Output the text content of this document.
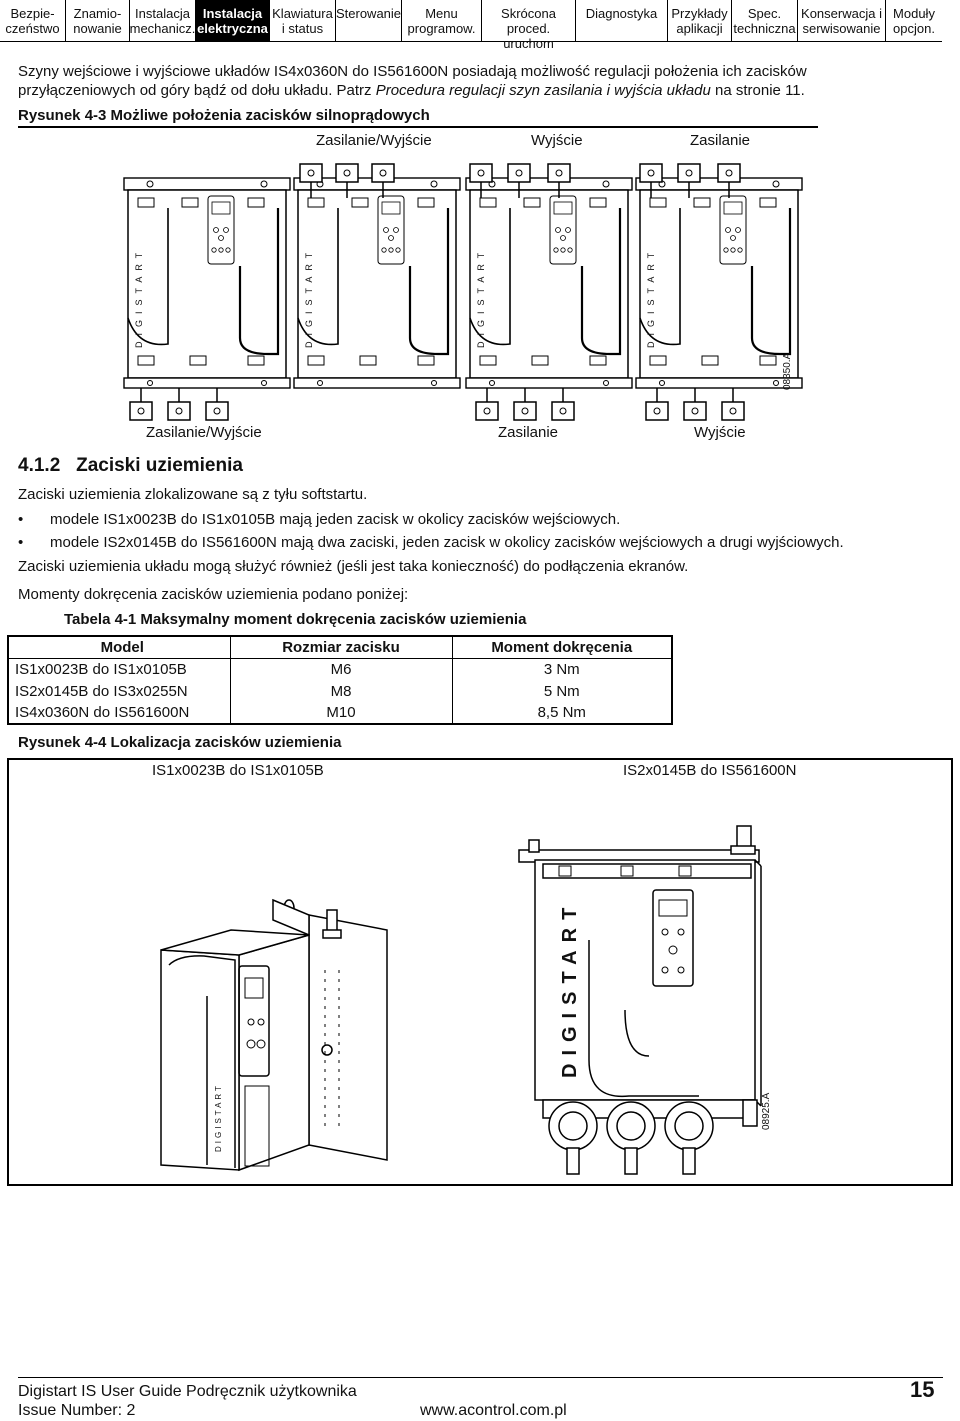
Bezpie-
czeństwo
Znamio-
nowanie
Instalacja
mechanicz.
Instalacja
elektryczna
Klawiatura
i status
Sterowanie	Menu
programow.
Skrócona
proced. uruchom
Diagnostyka Przykłady
aplikacji
Spec.
techniczna
Konserwacja i
serwisowanie
Moduły
opcjon.
Szyny wejściowe i wyjściowe układów IS4x0360N do IS561600N posiadają możliwość regulacji położenia ich zacisków
przyłączeniowych od góry bądź od dołu układu. Patrz Procedura regulacji szyn zasilania i wyjścia układu na stronie 11.
Rysunek 4-3 Możliwe położenia zacisków silnoprądowych
Zasilanie/Wyjście	Wyjście	Zasilanie
DIGISTART	DIGISTART	DIGISTART	DIGISTART
08350.A
Zasilanie/Wyjście	Zasilanie	Wyjście
4.1.2   Zaciski uziemienia
Zaciski uziemienia zlokalizowane są z tyłu softstartu.
• modele IS1x0023B do IS1x0105B mają jeden zacisk w okolicy zacisków wejściowych.
• modele IS2x0145B do IS561600N mają dwa zaciski, jeden zacisk w okolicy zacisków wejściowych a drugi wyjściowych.
Zaciski uziemienia układu mogą służyć również (jeśli jest taka konieczność) do podłączenia ekranów.
Momenty dokręcenia zacisków uziemienia podano poniżej:
Tabela 4-1 Maksymalny moment dokręcenia zacisków uziemienia
Model	Rozmiar zacisku	Moment dokręcenia
IS1x0023B do IS1x0105B	M6	3 Nm
IS2x0145B do IS3x0255N	M8	5 Nm
IS4x0360N do IS561600N	M10	8,5 Nm
Rysunek 4-4 Lokalizacja zacisków uziemienia
IS1x0023B do IS1x0105B	IS2x0145B do IS561600N
DIGISTART
DIGISTART
08925.A
Digistart IS User Guide Podręcznik użytkownika
Issue Number: 2	www.acontrol.com.pl
15
